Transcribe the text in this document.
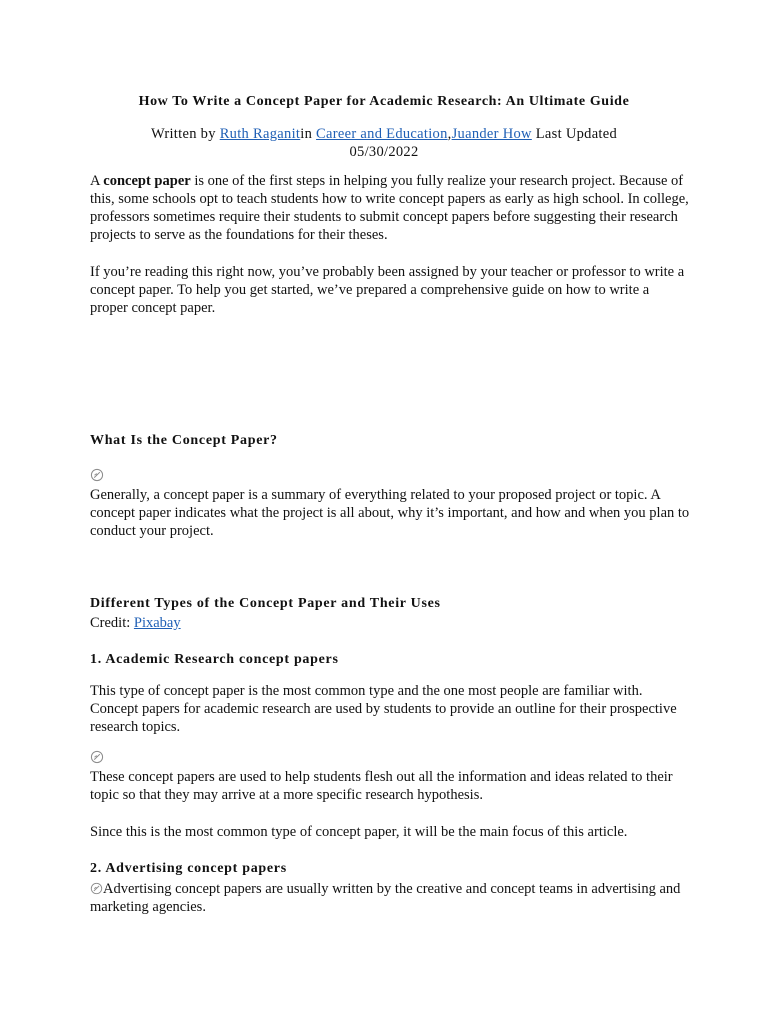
How To Write a Concept Paper for Academic Research: An Ultimate Guide
Written by Ruth Raganitin Career and Education,Juander How Last Updated
05/30/2022

A concept paper is one of the first steps in helping you fully realize your research project. Because of this, some schools opt to teach students how to write concept papers as early as high school. In college, professors sometimes require their students to submit concept papers before suggesting their research projects to serve as the foundations for their theses.

If you’re reading this right now, you’ve probably been assigned by your teacher or professor to write a concept paper. To help you get started, we’ve prepared a comprehensive guide on how to write a proper concept paper.

What Is the Concept Paper?

Generally, a concept paper is a summary of everything related to your proposed project or topic. A concept paper indicates what the project is all about, why it’s important, and how and when you plan to conduct your project.

Different Types of the Concept Paper and Their Uses

Credit: Pixabay

1. Academic Research concept papers

This type of concept paper is the most common type and the one most people are familiar with. Concept papers for academic research are used by students to provide an outline for their prospective research topics.

These concept papers are used to help students flesh out all the information and ideas related to their topic so that they may arrive at a more specific research hypothesis.

Since this is the most common type of concept paper, it will be the main focus of this article.

2. Advertising concept papers

Advertising concept papers are usually written by the creative and concept teams in advertising and marketing agencies.
